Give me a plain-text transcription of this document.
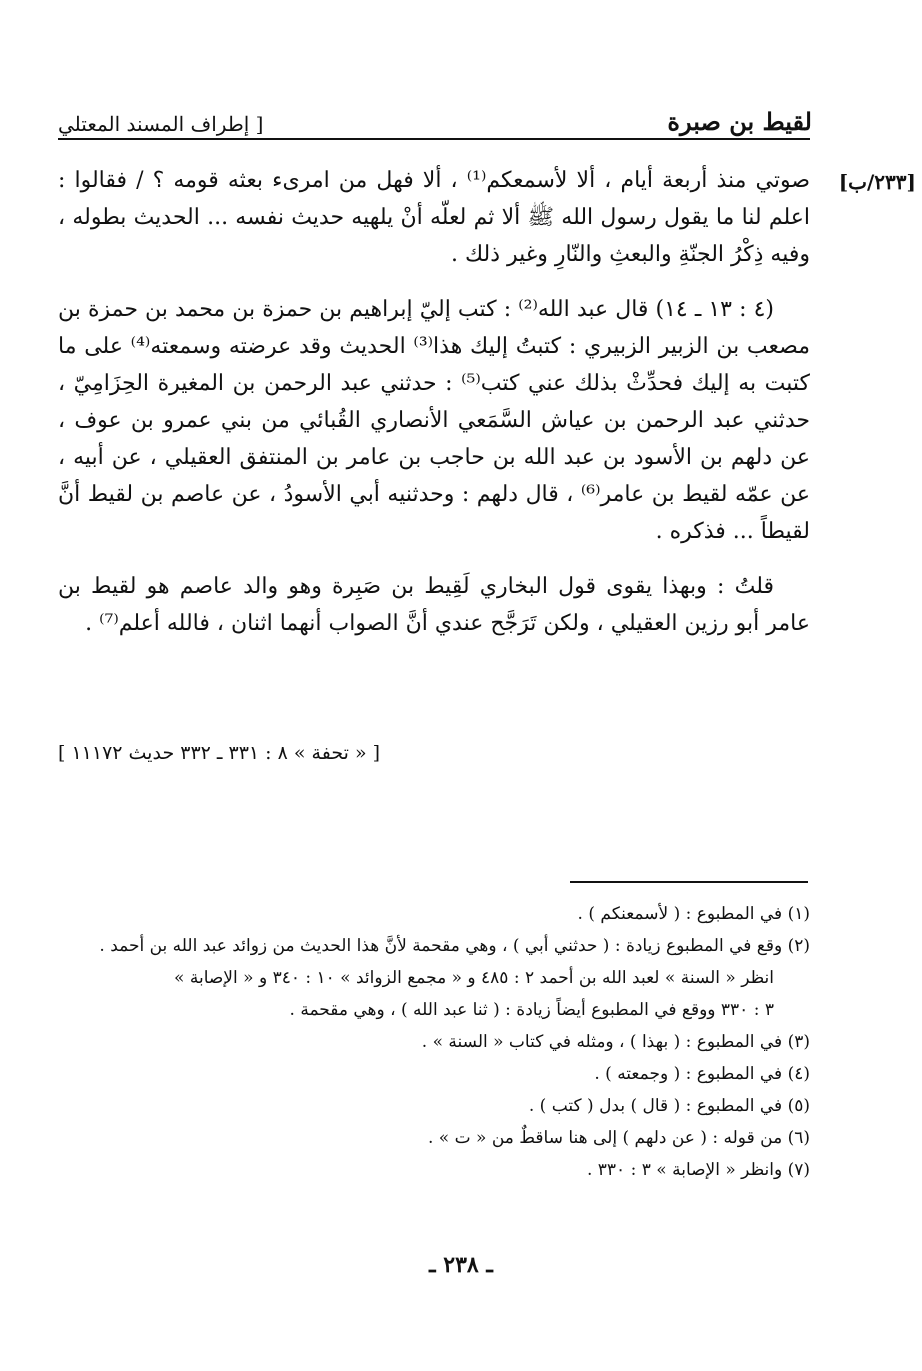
[ إطراف المسند المعتلي	لقيط بن صبرة
[٢٣٣/ب]

صوتي منذ أربعة أيام ، ألا لأسمعكم⁽¹⁾ ، ألا فهل من امرىء بعثه قومه ؟ / فقالوا : اعلم لنا ما يقول رسول الله ﷺ ألا ثم لعلّه أنْ يلهيه حديث نفسه ... الحديث بطوله ، وفيه ذِكْرُ الجنّةِ والبعثِ والنّارِ وغير ذلك .

(٤ : ١٣ ـ ١٤) قال عبد الله⁽²⁾ : كتب إليّ إبراهيم بن حمزة بن محمد بن حمزة بن مصعب بن الزبير الزبيري : كتبتُ إليك هذا⁽³⁾ الحديث وقد عرضته وسمعته⁽⁴⁾ على ما كتبت به إليك فحدِّثْ بذلك عني كتب⁽⁵⁾ : حدثني عبد الرحمن بن المغيرة الحِزَامِيّ ، حدثني عبد الرحمن بن عياش السَّمَعي الأنصاري القُبائي من بني عمرو بن عوف ، عن دلهم بن الأسود بن عبد الله بن حاجب بن عامر بن المنتفق العقيلي ، عن أبيه ، عن عمّه لقيط بن عامر⁽⁶⁾ ، قال دلهم : وحدثنيه أبي الأسودُ ، عن عاصم بن لقيط أنَّ لقيطاً ... فذكره .

قلتُ : وبهذا يقوى قول البخاري لَقِيط بن صَبِرة وهو والد عاصم هو لقيط بن عامر أبو رزين العقيلي ، ولكن تَرَجَّح عندي أنَّ الصواب أنهما اثنان ، فالله أعلم⁽⁷⁾ .

[ « تحفة » ٨ : ٣٣١ ـ ٣٣٢ حديث ١١١٧٢ ]

(١) في المطبوع : ( لأسمعنكم ) .

(٢) وقع في المطبوع زيادة : ( حدثني أبي ) ، وهي مقحمة لأنَّ هذا الحديث من زوائد عبد الله بن أحمد .

انظر « السنة » لعبد الله بن أحمد ٢ : ٤٨٥ و « مجمع الزوائد » ١٠ : ٣٤٠ و « الإصابة »

٣ : ٣٣٠ ووقع في المطبوع أيضاً زيادة : ( ثنا عبد الله ) ، وهي مقحمة .

(٣) في المطبوع : ( بهذا ) ، ومثله في كتاب « السنة » .

(٤) في المطبوع : ( وجمعته ) .

(٥) في المطبوع : ( قال ) بدل ( كتب ) .

(٦) من قوله : ( عن دلهم ) إلى هنا ساقطٌ من « ت » .

(٧) وانظر « الإصابة » ٣ : ٣٣٠ .

ـ ٢٣٨ ـ
